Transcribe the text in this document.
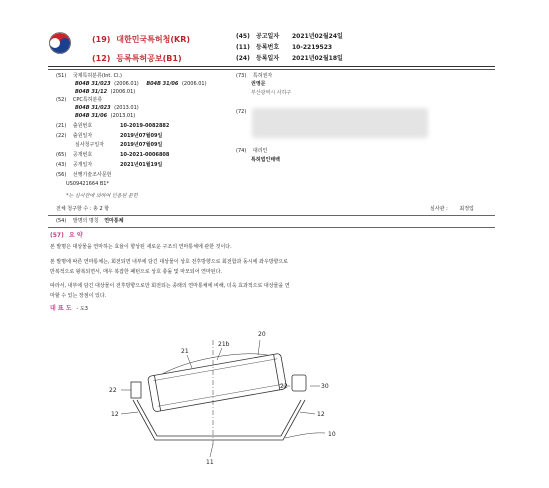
(19) 대한민국특허청(KR)
(12) 등록특허공보(B1)
(45) 공고일자 2021년02월24일
(11) 등록번호 10-2219523
(24) 등록일자 2021년02월18일
(51) 국제특허분류(Int. Cl.)
B04B 31/023 (2006.01) B04B 31/06 (2006.01)
B04B 31/12 (2006.01)
(52) CPC특허분류
B04B 31/023 (2013.01)
B04B 31/06 (2013.01)
(21) 출원번호	10-2019-0082882
(22) 출원일자	2019년07월09일
심사청구일자	2019년07월09일
(65) 공개번호	10-2021-0006808
(43) 공개일자	2021년01월19일
(56) 선행기술조사문헌
US09421664 B1*
*는 심사관에 의하여 인용된 문헌
전체 청구항 수 : 총 2 항	심사관 : 최정업
(73) 특허권자
권영문
부산광역시 사하구
(72)
(74) 대리인
특허법인태백
(54) 발명의 명칭 연마통체
(57) 요 약
본 발명은 대상물을 연마하는 효율이 향상된 새로운 구조의 연마통체에 관한 것이다.
본 발명에 따른 연마통체는, 회전되면 내부에 담긴 대상물이 상호 전후방향으로 회전함과 동시에 좌우방향으로
반복적으로 왕복되면서, 매우 복잡한 패턴으로 상호 충돌 및 마모되어 연마된다.
따라서, 내부에 담긴 대상물이 전후방향으로만 회전되는 종래의 연마통체에 비해, 더욱 효과적으로 대상물을 연
마할 수 있는 장점이 있다.
대 표 도 - 도3
21
21b
20
22
22	30
12	12
10
11
